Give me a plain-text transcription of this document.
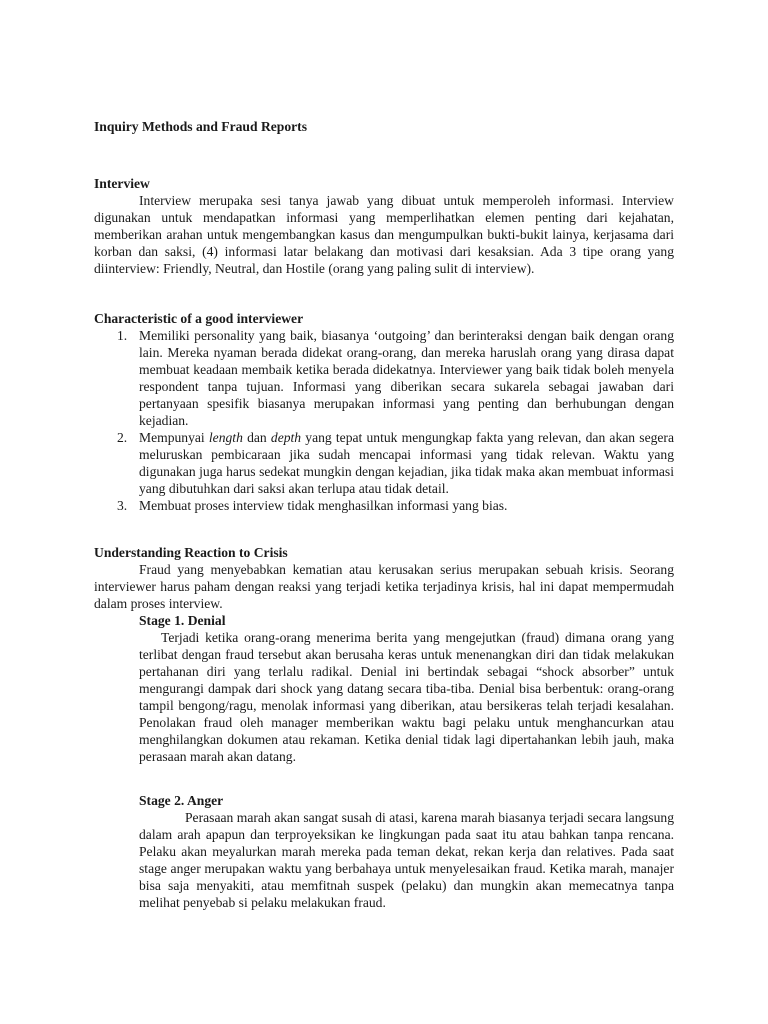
Inquiry Methods and Fraud Reports

Interview

Interview merupaka sesi tanya jawab yang dibuat untuk memperoleh informasi. Interview digunakan untuk mendapatkan informasi yang memperlihatkan elemen penting dari kejahatan, memberikan arahan untuk mengembangkan kasus dan mengumpulkan bukti-bukit lainya, kerjasama dari korban dan saksi, (4) informasi latar belakang dan motivasi dari kesaksian. Ada 3 tipe orang yang diinterview: Friendly, Neutral, dan Hostile (orang yang paling sulit di interview).

Characteristic of a good interviewer

1. Memiliki personality yang baik, biasanya ‘outgoing’ dan berinteraksi dengan baik dengan orang lain. Mereka nyaman berada didekat orang-orang, dan mereka haruslah orang yang dirasa dapat membuat keadaan membaik ketika berada didekatnya. Interviewer yang baik tidak boleh menyela respondent tanpa tujuan. Informasi yang diberikan secara sukarela sebagai jawaban dari pertanyaan spesifik biasanya merupakan informasi yang penting dan berhubungan dengan kejadian.
2. Mempunyai length dan depth yang tepat untuk mengungkap fakta yang relevan, dan akan segera meluruskan pembicaraan jika sudah mencapai informasi yang tidak relevan. Waktu yang digunakan juga harus sedekat mungkin dengan kejadian, jika tidak maka akan membuat informasi yang dibutuhkan dari saksi akan terlupa atau tidak detail.
3. Membuat proses interview tidak menghasilkan informasi yang bias.

Understanding Reaction to Crisis

Fraud yang menyebabkan kematian atau kerusakan serius merupakan sebuah krisis. Seorang interviewer harus paham dengan reaksi yang terjadi ketika terjadinya krisis, hal ini dapat mempermudah dalam proses interview.

Stage 1. Denial

Terjadi ketika orang-orang menerima berita yang mengejutkan (fraud) dimana orang yang terlibat dengan fraud tersebut akan berusaha keras untuk menenangkan diri dan tidak melakukan pertahanan diri yang terlalu radikal. Denial ini bertindak sebagai “shock absorber” untuk mengurangi dampak dari shock yang datang secara tiba-tiba. Denial bisa berbentuk: orang-orang tampil bengong/ragu, menolak informasi yang diberikan, atau bersikeras telah terjadi kesalahan. Penolakan fraud oleh manager memberikan waktu bagi pelaku untuk menghancurkan atau menghilangkan dokumen atau rekaman. Ketika denial tidak lagi dipertahankan lebih jauh, maka perasaan marah akan datang.

Stage 2. Anger

Perasaan marah akan sangat susah di atasi, karena marah biasanya terjadi secara langsung dalam arah apapun dan terproyeksikan ke lingkungan pada saat itu atau bahkan tanpa rencana. Pelaku akan meyalurkan marah mereka pada teman dekat, rekan kerja dan relatives. Pada saat stage anger merupakan waktu yang berbahaya untuk menyelesaikan fraud. Ketika marah, manajer bisa saja menyakiti, atau memfitnah suspek (pelaku) dan mungkin akan memecatnya tanpa melihat penyebab si pelaku melakukan fraud.
